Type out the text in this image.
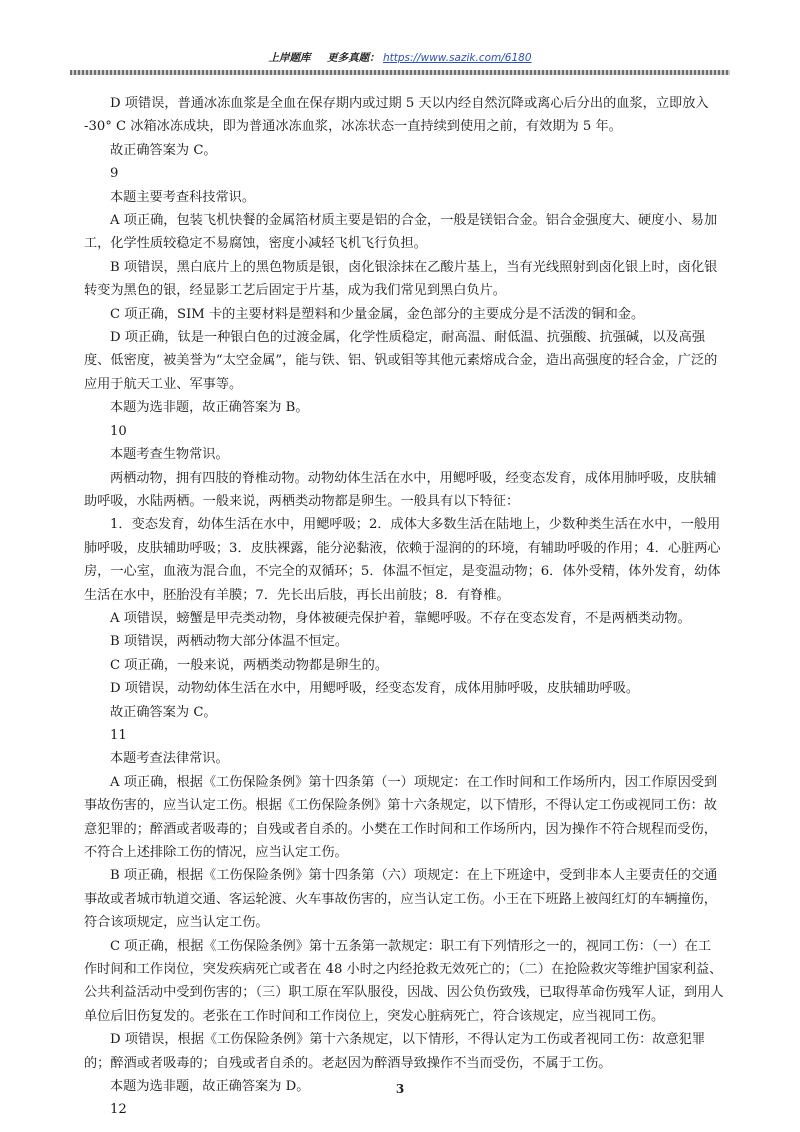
上岸题库 更多真题： https://www.sazik.com/6180

D 项错误，普通冰冻血浆是全血在保存期内或过期 5 天以内经自然沉降或离心后分出的血浆，立即放入 -30° C 冰箱冰冻成块，即为普通冰冻血浆，冰冻状态一直持续到使用之前，有效期为 5 年。

故正确答案为 C。

9

本题主要考查科技常识。

A 项正确，包装飞机快餐的金属箔材质主要是铝的合金，一般是镁铝合金。铝合金强度大、硬度小、易加工，化学性质较稳定不易腐蚀，密度小减轻飞机飞行负担。

B 项错误，黑白底片上的黑色物质是银，卤化银涂抹在乙酸片基上，当有光线照射到卤化银上时，卤化银转变为黑色的银，经显影工艺后固定于片基，成为我们常见到黑白负片。

C 项正确，SIM 卡的主要材料是塑料和少量金属，金色部分的主要成分是不活泼的铜和金。

D 项正确，钛是一种银白色的过渡金属，化学性质稳定，耐高温、耐低温、抗强酸、抗强碱，以及高强度、低密度，被美誉为“太空金属”，能与铁、铝、钒或钼等其他元素熔成合金，造出高强度的轻合金，广泛的应用于航天工业、军事等。

本题为选非题，故正确答案为 B。

10

本题考查生物常识。

两栖动物，拥有四肢的脊椎动物。动物幼体生活在水中，用鳃呼吸，经变态发育，成体用肺呼吸，皮肤辅助呼吸，水陆两栖。一般来说，两栖类动物都是卵生。一般具有以下特征：

1．变态发育，幼体生活在水中，用鳃呼吸；2．成体大多数生活在陆地上，少数种类生活在水中，一般用肺呼吸，皮肤辅助呼吸；3．皮肤裸露，能分泌黏液，依赖于湿润的的环境，有辅助呼吸的作用；4．心脏两心房，一心室，血液为混合血，不完全的双循环；5．体温不恒定，是变温动物；6．体外受精，体外发育，幼体生活在水中，胚胎没有羊膜；7．先长出后肢，再长出前肢；8．有脊椎。

A 项错误，螃蟹是甲壳类动物，身体被硬壳保护着，靠鳃呼吸。不存在变态发育，不是两栖类动物。

B 项错误，两栖动物大部分体温不恒定。

C 项正确，一般来说，两栖类动物都是卵生的。

D 项错误，动物幼体生活在水中，用鳃呼吸，经变态发育，成体用肺呼吸，皮肤辅助呼吸。

故正确答案为 C。

11

本题考查法律常识。

A 项正确，根据《工伤保险条例》第十四条第（一）项规定：在工作时间和工作场所内，因工作原因受到事故伤害的，应当认定工伤。根据《工伤保险条例》第十六条规定，以下情形，不得认定工伤或视同工伤：故意犯罪的；醉酒或者吸毒的；自残或者自杀的。小樊在工作时间和工作场所内，因为操作不符合规程而受伤，不符合上述排除工伤的情况，应当认定工伤。

B 项正确，根据《工伤保险条例》第十四条第（六）项规定：在上下班途中，受到非本人主要责任的交通事故或者城市轨道交通、客运轮渡、火车事故伤害的，应当认定工伤。小王在下班路上被闯红灯的车辆撞伤，符合该项规定，应当认定工伤。

C 项正确，根据《工伤保险条例》第十五条第一款规定：职工有下列情形之一的，视同工伤：（一）在工作时间和工作岗位，突发疾病死亡或者在 48 小时之内经抢救无效死亡的；（二）在抢险救灾等维护国家利益、公共利益活动中受到伤害的；（三）职工原在军队服役，因战、因公负伤致残，已取得革命伤残军人证，到用人单位后旧伤复发的。老张在工作时间和工作岗位上，突发心脏病死亡，符合该规定，应当视同工伤。

D 项错误，根据《工伤保险条例》第十六条规定，以下情形，不得认定为工伤或者视同工伤：故意犯罪的；醉酒或者吸毒的；自残或者自杀的。老赵因为醉酒导致操作不当而受伤，不属于工伤。

本题为选非题，故正确答案为 D。

12

3
